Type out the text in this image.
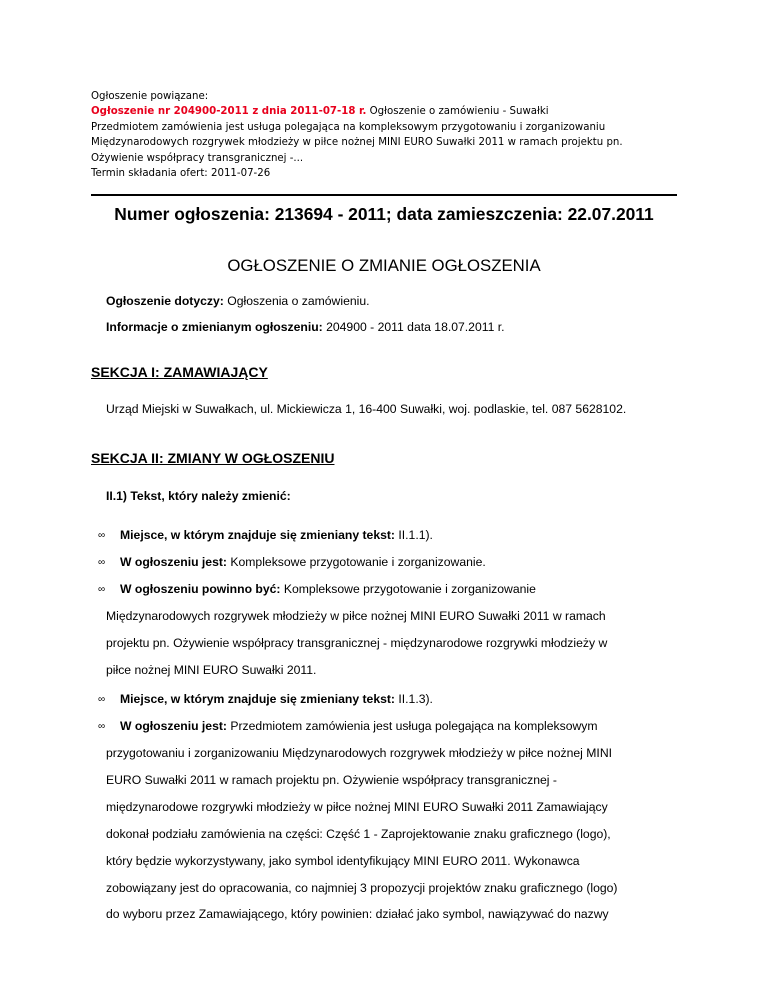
Ogłoszenie powiązane:
Ogłoszenie nr 204900-2011 z dnia 2011-07-18 r. Ogłoszenie o zamówieniu - Suwałki
Przedmiotem zamówienia jest usługa polegająca na kompleksowym przygotowaniu i zorganizowaniu
Międzynarodowych rozgrywek młodzieży w piłce nożnej MINI EURO Suwałki 2011 w ramach projektu pn.
Ożywienie współpracy transgranicznej -...
Termin składania ofert: 2011-07-26
Numer ogłoszenia: 213694 - 2011; data zamieszczenia: 22.07.2011
OGŁOSZENIE O ZMIANIE OGŁOSZENIA
Ogłoszenie dotyczy: Ogłoszenia o zamówieniu.
Informacje o zmienianym ogłoszeniu: 204900 - 2011 data 18.07.2011 r.
SEKCJA I: ZAMAWIAJĄCY
Urząd Miejski w Suwałkach, ul. Mickiewicza 1, 16-400 Suwałki, woj. podlaskie, tel. 087 5628102.
SEKCJA II: ZMIANY W OGŁOSZENIU
II.1) Tekst, który należy zmienić:
∞ Miejsce, w którym znajduje się zmieniany tekst: II.1.1).
∞ W ogłoszeniu jest: Kompleksowe przygotowanie i zorganizowanie.
∞ W ogłoszeniu powinno być: Kompleksowe przygotowanie i zorganizowanie
Międzynarodowych rozgrywek młodzieży w piłce nożnej MINI EURO Suwałki 2011 w ramach
projektu pn. Ożywienie współpracy transgranicznej - międzynarodowe rozgrywki młodzieży w
piłce nożnej MINI EURO Suwałki 2011.
∞ Miejsce, w którym znajduje się zmieniany tekst: II.1.3).
∞ W ogłoszeniu jest: Przedmiotem zamówienia jest usługa polegająca na kompleksowym
przygotowaniu i zorganizowaniu Międzynarodowych rozgrywek młodzieży w piłce nożnej MINI
EURO Suwałki 2011 w ramach projektu pn. Ożywienie współpracy transgranicznej -
międzynarodowe rozgrywki młodzieży w piłce nożnej MINI EURO Suwałki 2011 Zamawiający
dokonał podziału zamówienia na części: Część 1 - Zaprojektowanie znaku graficznego (logo),
który będzie wykorzystywany, jako symbol identyfikujący MINI EURO 2011. Wykonawca
zobowiązany jest do opracowania, co najmniej 3 propozycji projektów znaku graficznego (logo)
do wyboru przez Zamawiającego, który powinien: działać jako symbol, nawiązywać do nazwy
